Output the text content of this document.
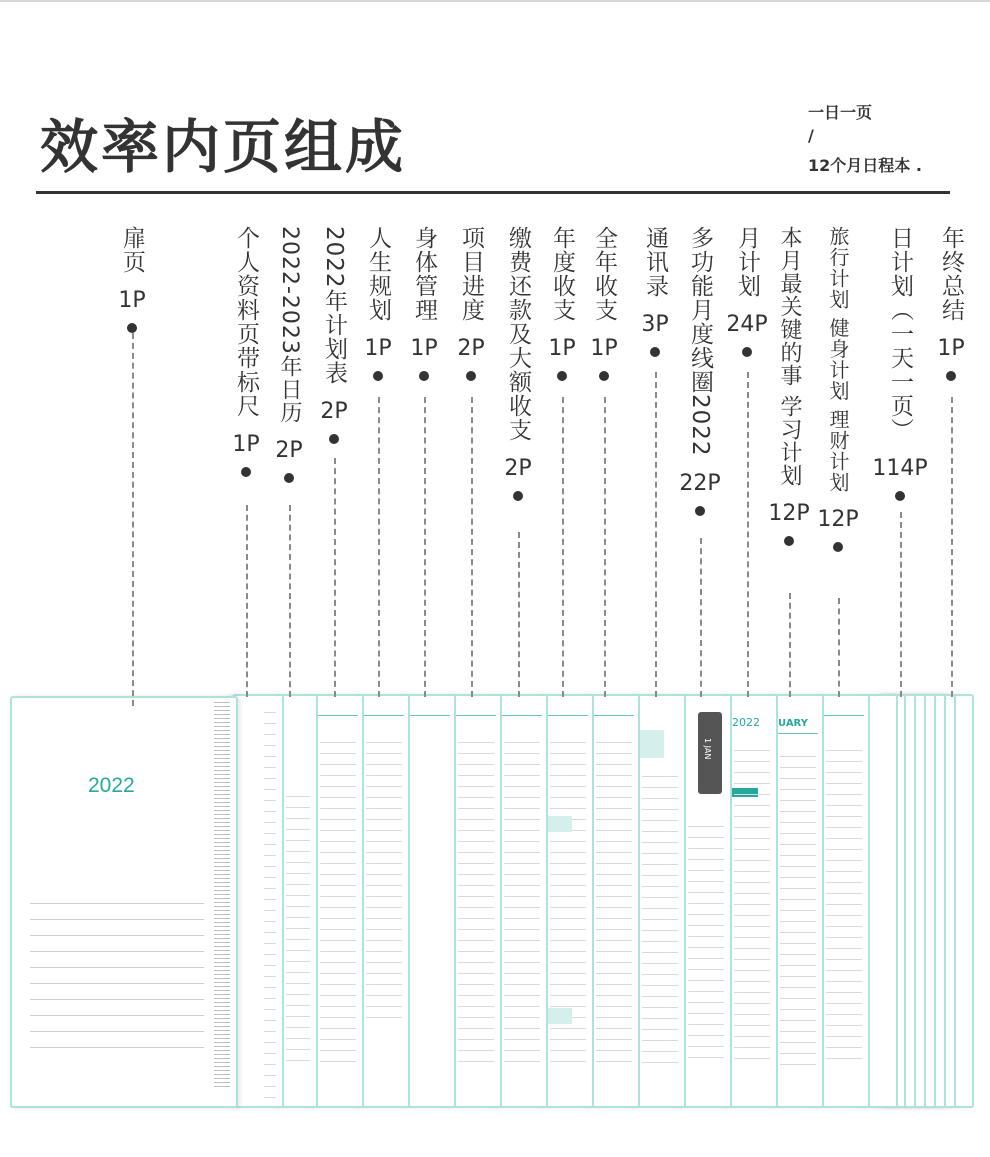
效率内页组成
一日一页
/
12个月日程本 .
UARY
2022
1 JAN
2022
扉页
1P	个人资料页带标尺
1P
2022-2023年日历
2P
2022年计划表
2P
人生规划
1P
身体管理
1P
项目进度
2P 缴费还款及大额收支
2P
年度收支
1P
全年收支
1P
通讯录
3P 多功能月度线圈2022
22P
月计划
24P 本月最关键的事 学习计划
12P
旅行计划 健身计划 理财计划
12P
日计划（一天一页）
114P
年终总结
1P
